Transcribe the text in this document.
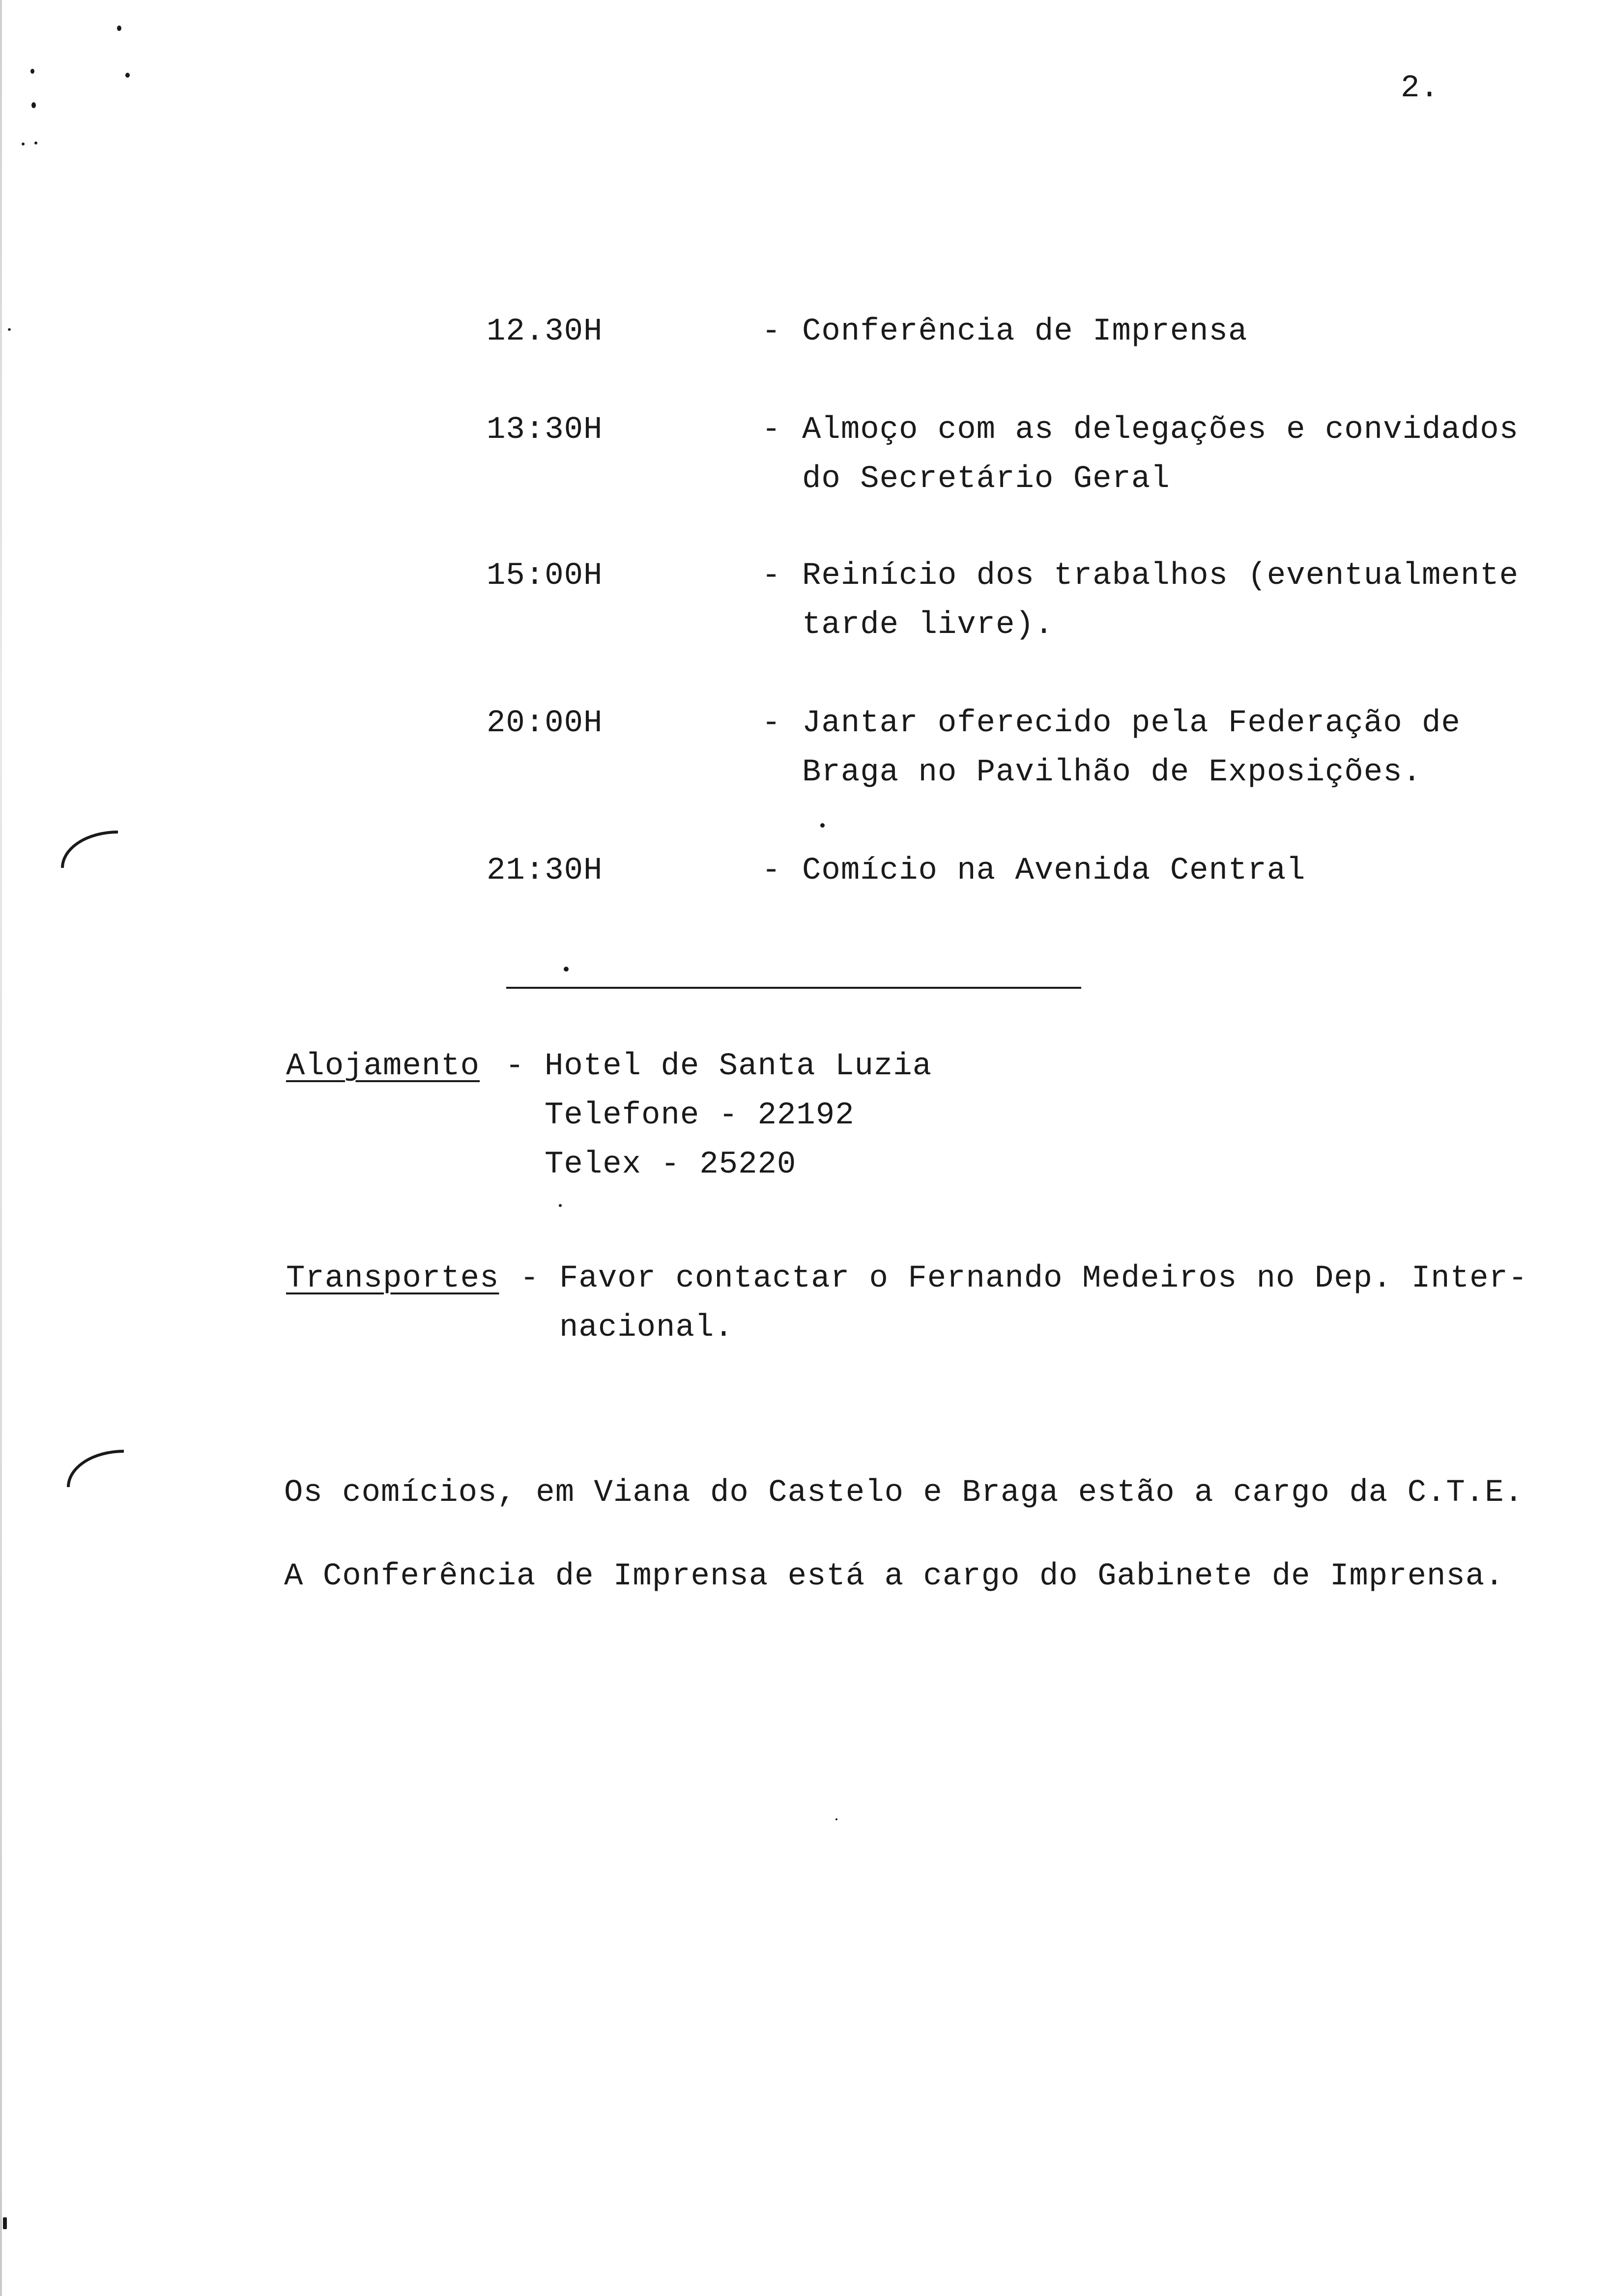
2.
12.30H	- Conferência de Imprensa
13:30H	- Almoço com as delegações e convidados
do Secretário Geral
15:00H	- Reinício dos trabalhos (eventualmente
tarde livre).
20:00H	- Jantar oferecido pela Federação de
Braga no Pavilhão de Exposições.
21:30H	- Comício na Avenida Central
Alojamento - Hotel de Santa Luzia
Telefone - 22192
Telex - 25220
Transportes - Favor contactar o Fernando Medeiros no Dep. Inter-
nacional.
Os comícios, em Viana do Castelo e Braga estão a cargo da C.T.E.
A Conferência de Imprensa está a cargo do Gabinete de Imprensa.
